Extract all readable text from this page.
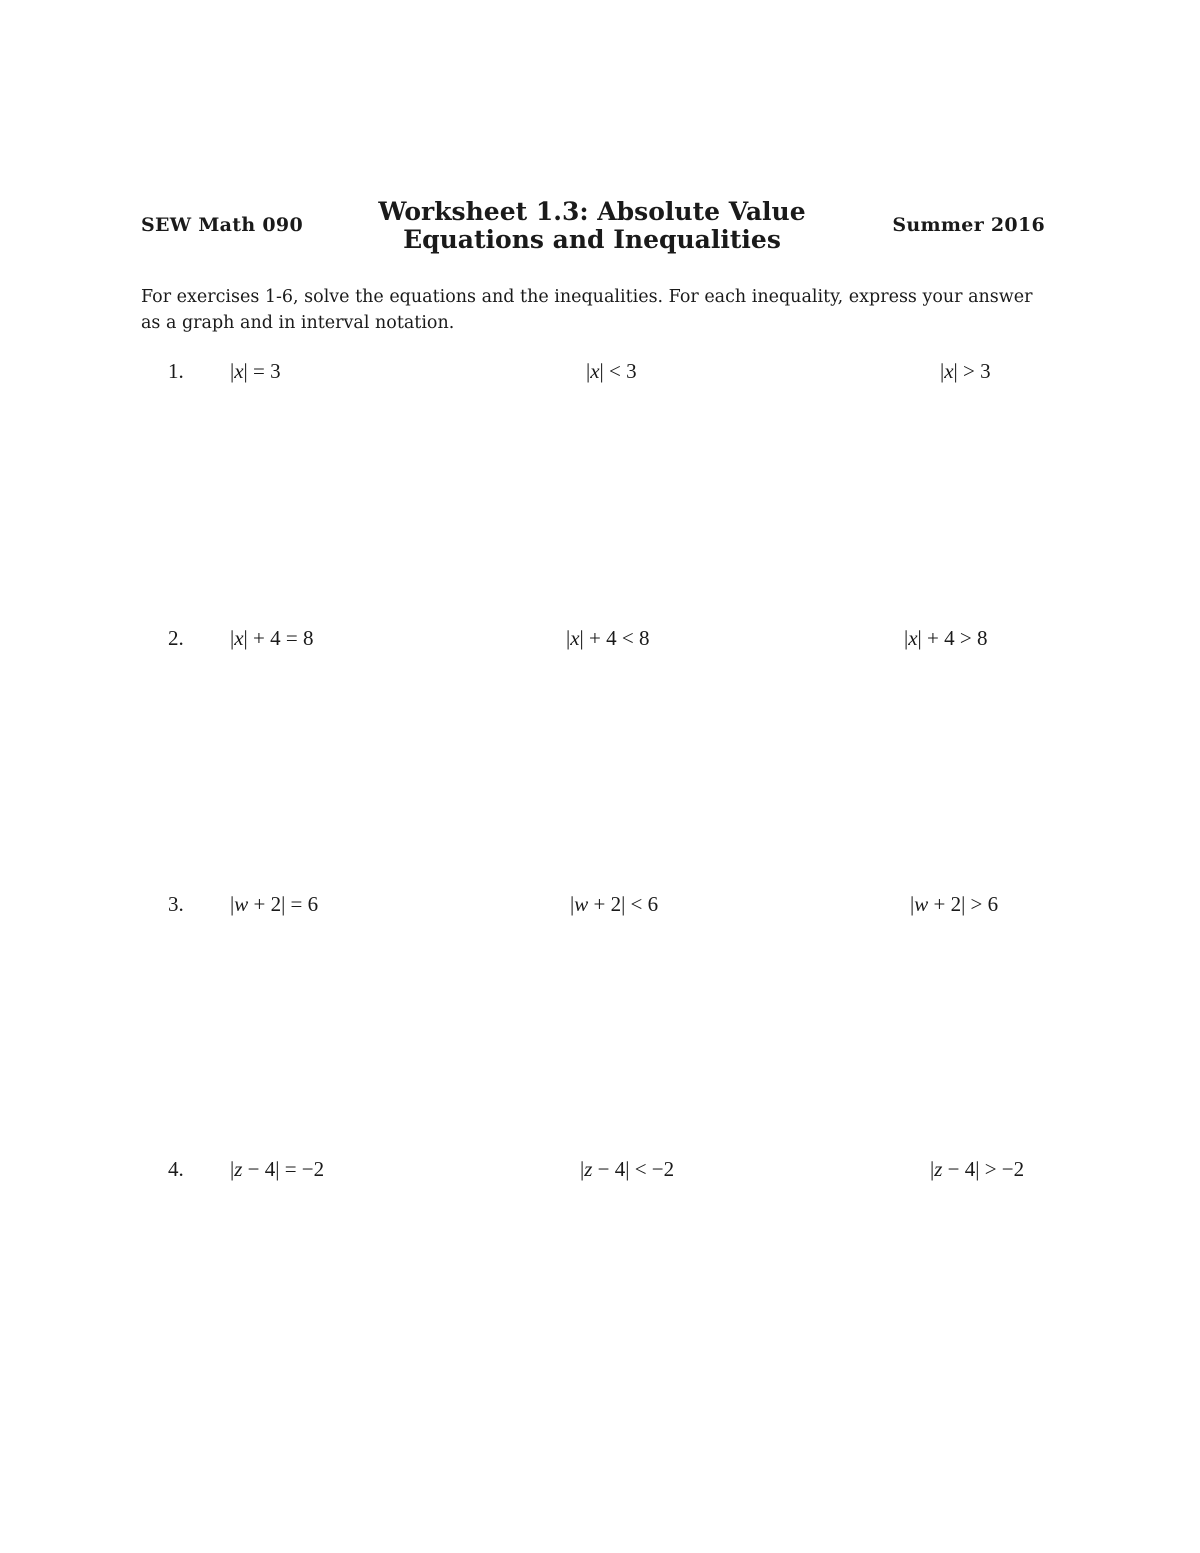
SEW Math 090	Worksheet 1.3: Absolute Value
Equations and Inequalities	Summer 2016
For exercises 1-6, solve the equations and the inequalities. For each inequality, express your answer as a graph and in interval notation.
1. |x| = 3	|x| < 3	|x| > 3
2. |x| + 4 = 8	|x| + 4 < 8	|x| + 4 > 8
3. |w + 2| = 6	|w + 2| < 6	|w + 2| > 6
4. |z − 4| = −2	|z − 4| < −2	|z − 4| > −2
